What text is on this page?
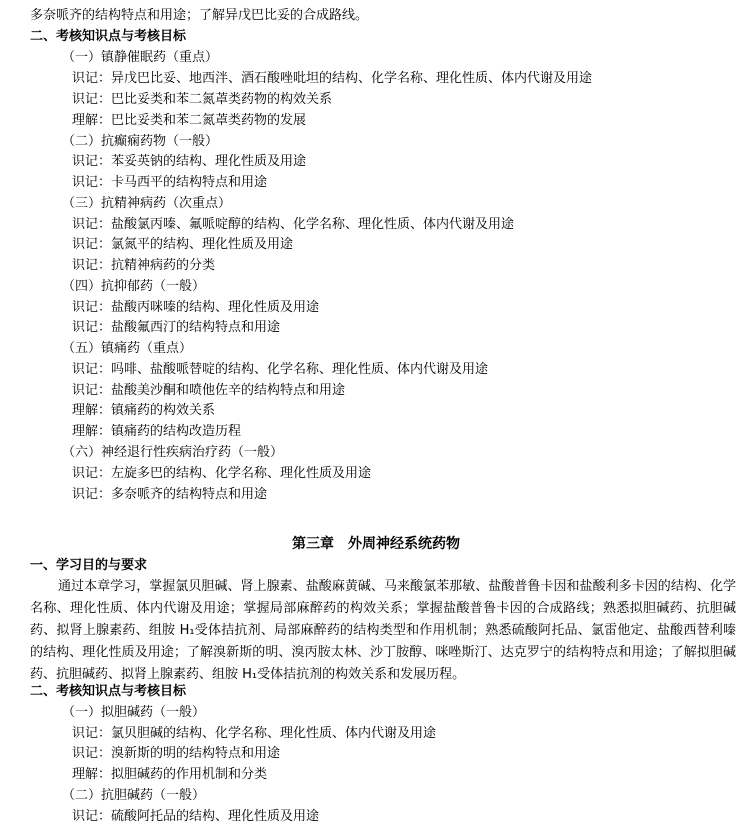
多奈哌齐的结构特点和用途；了解异戊巴比妥的合成路线。
二、考核知识点与考核目标
（一）镇静催眠药（重点）
识记：异戊巴比妥、地西泮、酒石酸唑吡坦的结构、化学名称、理化性质、体内代谢及用途
识记：巴比妥类和苯二氮䓬类药物的构效关系
理解：巴比妥类和苯二氮䓬类药物的发展
（二）抗癫痫药物（一般）
识记：苯妥英钠的结构、理化性质及用途
识记：卡马西平的结构特点和用途
（三）抗精神病药（次重点）
识记：盐酸氯丙嗪、氟哌啶醇的结构、化学名称、理化性质、体内代谢及用途
识记：氯氮平的结构、理化性质及用途
识记：抗精神病药的分类
（四）抗抑郁药（一般）
识记：盐酸丙咪嗪的结构、理化性质及用途
识记：盐酸氟西汀的结构特点和用途
（五）镇痛药（重点）
识记：吗啡、盐酸哌替啶的结构、化学名称、理化性质、体内代谢及用途
识记：盐酸美沙酮和喷他佐辛的结构特点和用途
理解：镇痛药的构效关系
理解：镇痛药的结构改造历程
（六）神经退行性疾病治疗药（一般）
识记：左旋多巴的结构、化学名称、理化性质及用途
识记：多奈哌齐的结构特点和用途
第三章　外周神经系统药物
一、学习目的与要求
通过本章学习，掌握氯贝胆碱、肾上腺素、盐酸麻黄碱、马来酸氯苯那敏、盐酸普鲁卡因和盐酸利多卡因的结构、化学名称、理化性质、体内代谢及用途；掌握局部麻醉药的构效关系；掌握盐酸普鲁卡因的合成路线；熟悉拟胆碱药、抗胆碱药、拟肾上腺素药、组胺 H₁受体拮抗剂、局部麻醉药的结构类型和作用机制；熟悉硫酸阿托品、氯雷他定、盐酸西替利嗪的结构、理化性质及用途；了解溴新斯的明、溴丙胺太林、沙丁胺醇、咪唑斯汀、达克罗宁的结构特点和用途；了解拟胆碱药、抗胆碱药、拟肾上腺素药、组胺 H₁受体拮抗剂的构效关系和发展历程。
二、考核知识点与考核目标
（一）拟胆碱药（一般）
识记：氯贝胆碱的结构、化学名称、理化性质、体内代谢及用途
识记：溴新斯的明的结构特点和用途
理解：拟胆碱药的作用机制和分类
（二）抗胆碱药（一般）
识记：硫酸阿托品的结构、理化性质及用途
